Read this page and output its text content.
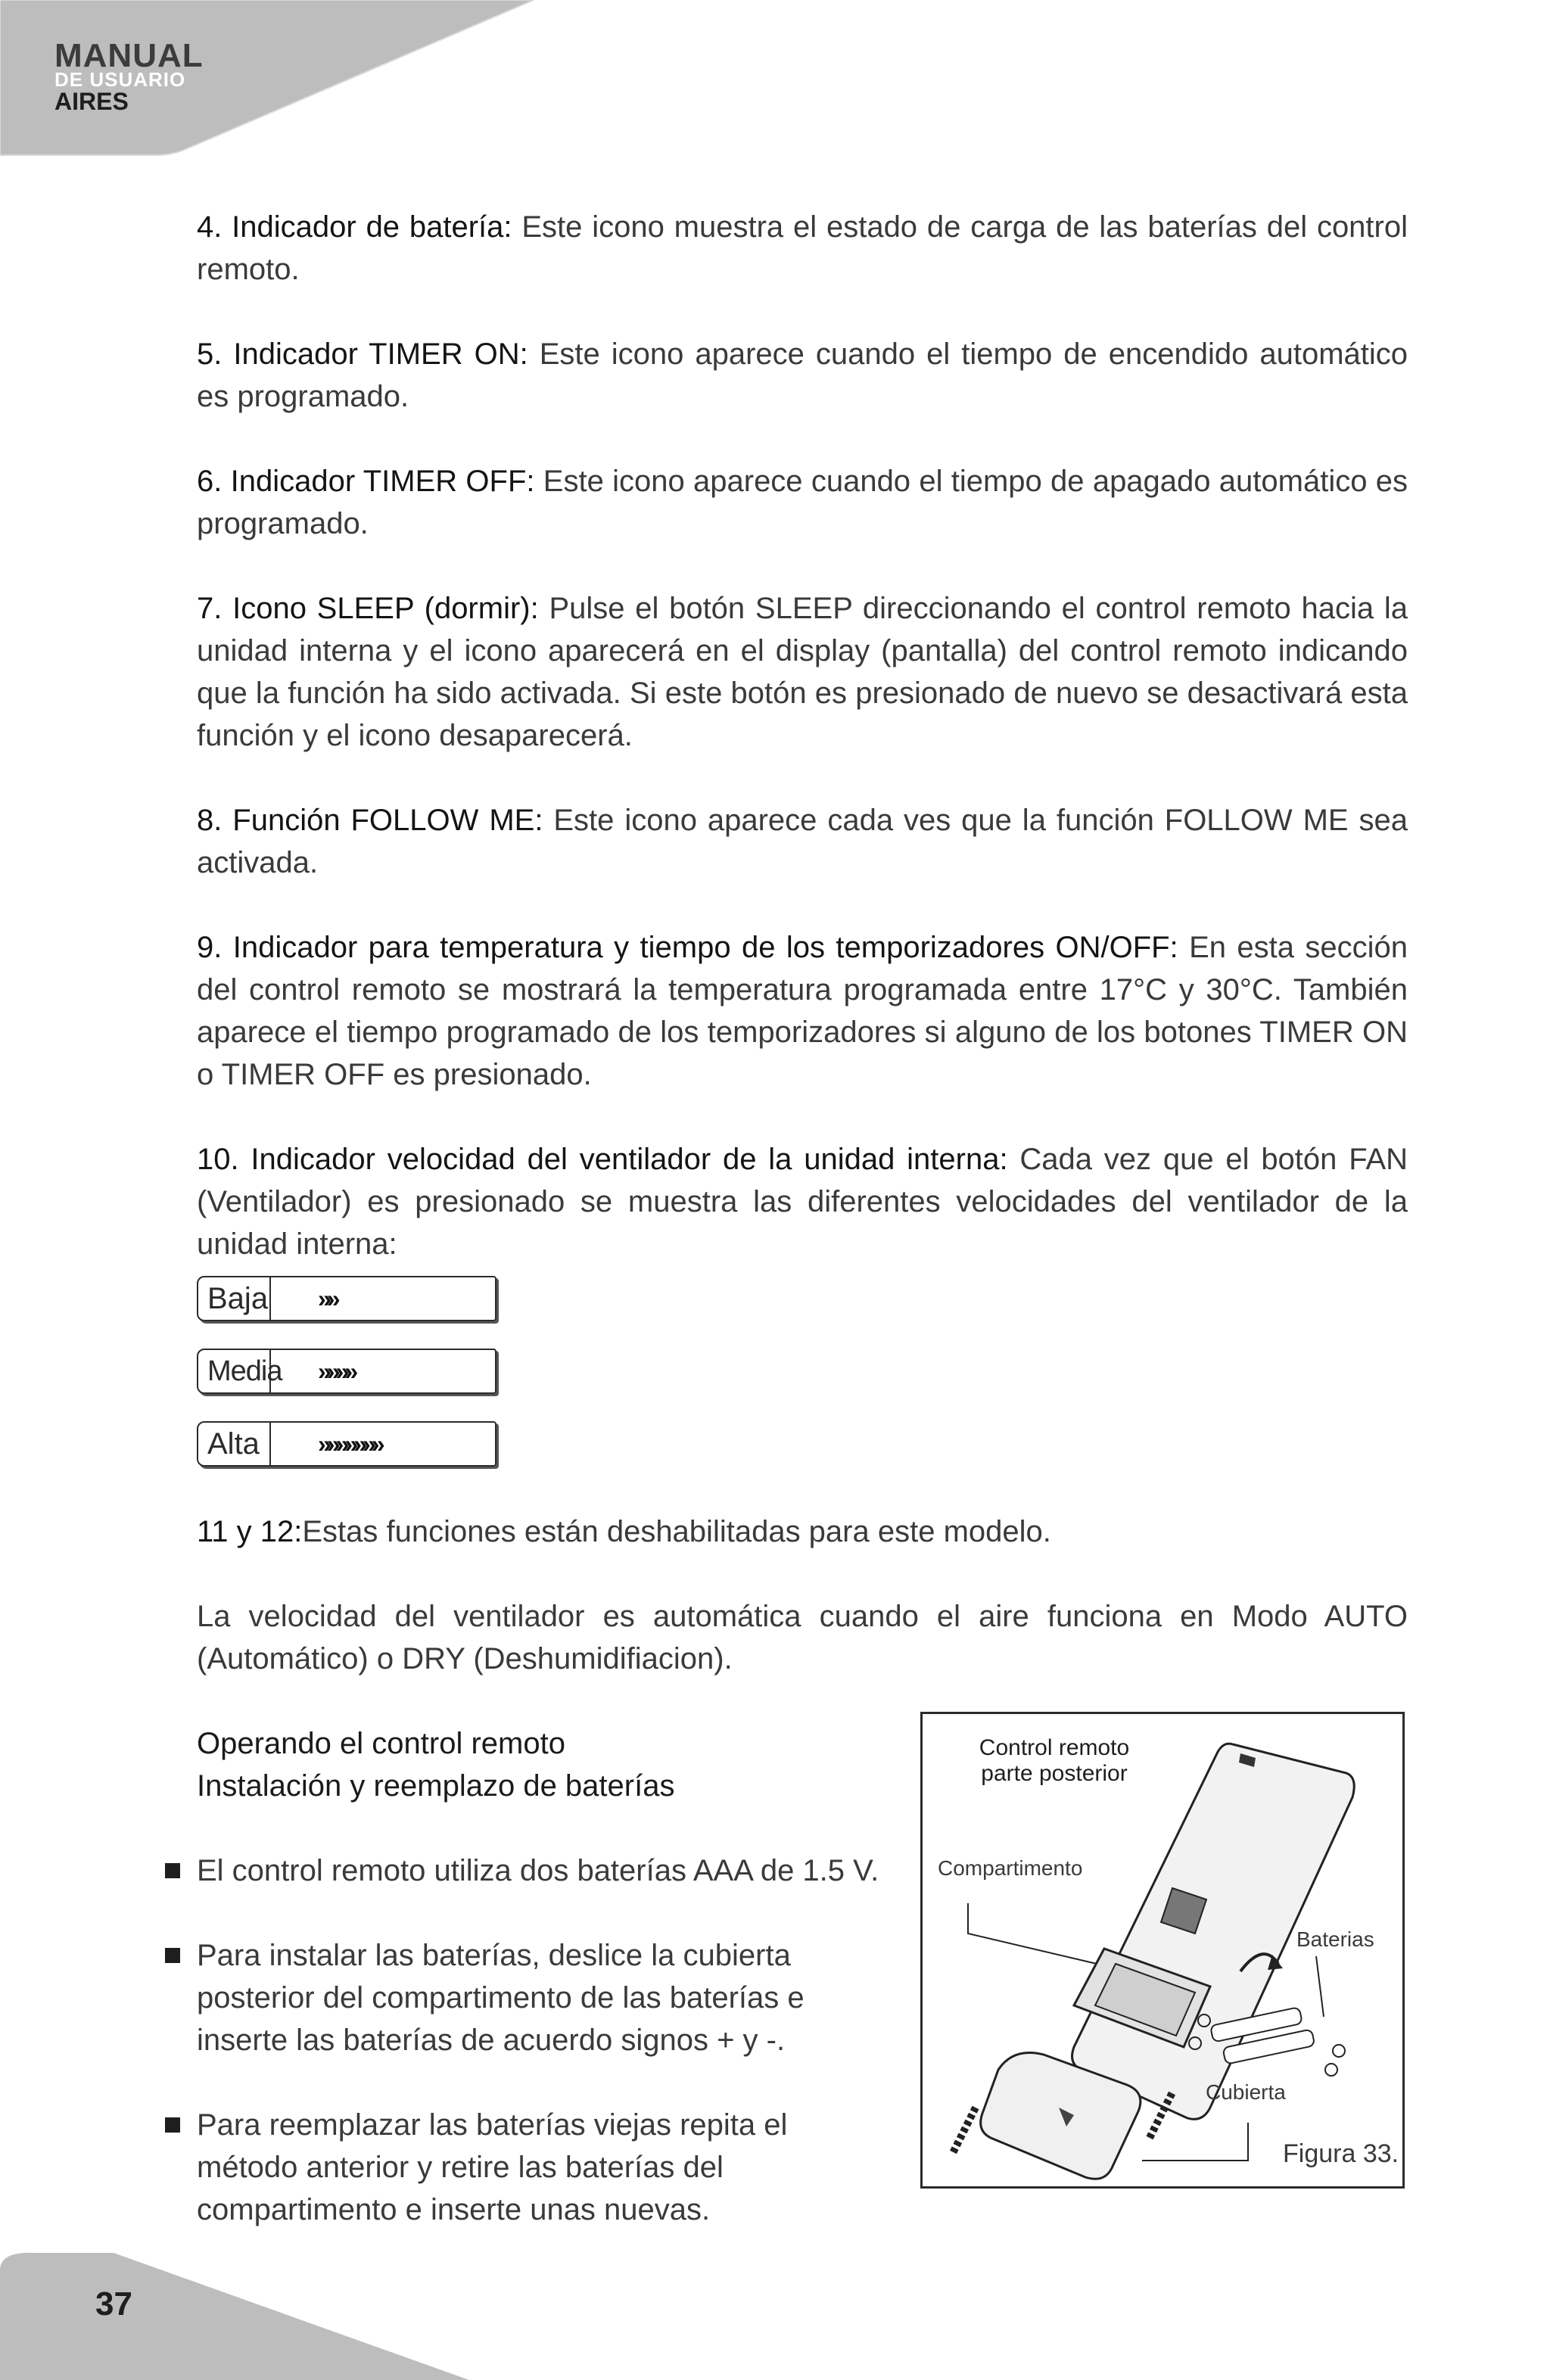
MANUAL
DE USUARIO
AIRES
37

4. Indicador de batería: Este icono muestra el estado de carga de las baterías del control remoto.

5. Indicador TIMER ON: Este icono aparece cuando el tiempo de encendido automático es programado.

6. Indicador TIMER OFF: Este icono aparece cuando el tiempo de apagado automático es programado.

7. Icono SLEEP (dormir): Pulse el botón SLEEP direccionando el control remoto hacia la unidad interna y el icono aparecerá en el display (pantalla) del control remoto indicando que la función ha sido activada. Si este botón es presionado de nuevo se desactivará esta función y el icono desaparecerá.

8. Función FOLLOW ME: Este icono aparece cada ves que la función FOLLOW ME sea activada.

9. Indicador para temperatura y tiempo de los temporizadores ON/OFF: En esta sección del control remoto se mostrará la temperatura programada entre 17°C y 30°C. También aparece el tiempo programado de los temporizadores si alguno de los botones TIMER ON o TIMER OFF es presionado.

10. Indicador velocidad del ventilador de la unidad interna: Cada vez que el botón FAN (Ventilador) es presionado se muestra las diferentes velocidades del ventilador de la unidad interna:

Baja	»»
Media	»»»»
Alta	»»»»»»»

11 y 12:Estas funciones están deshabilitadas para este modelo.

La velocidad del ventilador es automática cuando el aire funciona en Modo AUTO (Automático) o DRY (Deshumidifiacion).

Operando el control remoto
Instalación y reemplazo de baterías
El control remoto utiliza dos baterías AAA de 1.5 V.
Para instalar las baterías, deslice la cubierta posterior del compartimento de las baterías e inserte las baterías de acuerdo signos + y -.
Para reemplazar las baterías viejas repita el método anterior y retire las baterías del compartimento e inserte unas nuevas.
Control remoto
parte posterior
Compartimento
Baterias
Cubierta
Figura 33.
